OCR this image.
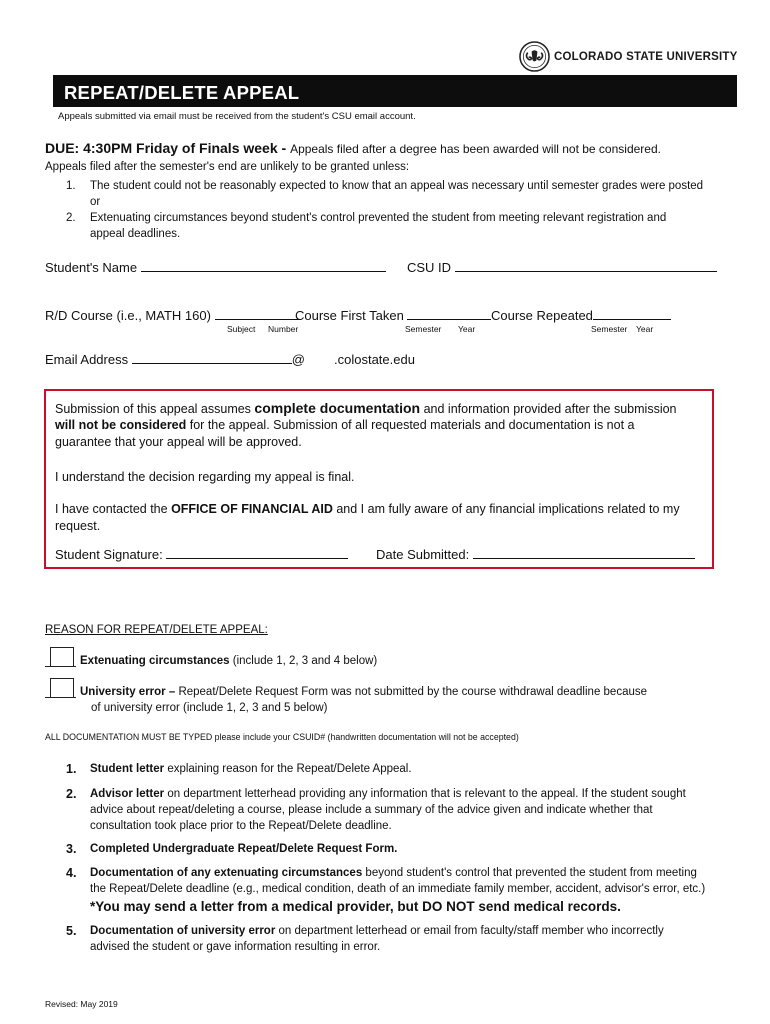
COLORADO STATE UNIVERSITY
REPEAT/DELETE APPEAL
Appeals submitted via email must be received from the student's CSU email account.
DUE: 4:30PM Friday of Finals week - Appeals filed after a degree has been awarded will not be considered.
Appeals filed after the semester's end are unlikely to be granted unless:
1. The student could not be reasonably expected to know that an appeal was necessary until semester grades were posted
or
2. Extenuating circumstances beyond student's control prevented the student from meeting relevant registration and
appeal deadlines.
Student's Name	CSU ID
R/D Course (i.e., MATH 160)	Course First Taken	Course Repeated
Subject Number	Semester Year	Semester Year
Email Address	@ .colostate.edu
Submission of this appeal assumes complete documentation and information provided after the submission
will not be considered for the appeal. Submission of all requested materials and documentation is not a
guarantee that your appeal will be approved.
I understand the decision regarding my appeal is final.
I have contacted the OFFICE OF FINANCIAL AID and I am fully aware of any financial implications related to my
request.
Student Signature:	Date Submitted:
REASON FOR REPEAT/DELETE APPEAL:
Extenuating circumstances (include 1, 2, 3 and 4 below)
University error – Repeat/Delete Request Form was not submitted by the course withdrawal deadline because
of university error (include 1, 2, 3 and 5 below)
ALL DOCUMENTATION MUST BE TYPED please include your CSUID# (handwritten documentation will not be accepted)
1. Student letter explaining reason for the Repeat/Delete Appeal.
2. Advisor letter on department letterhead providing any information that is relevant to the appeal. If the student sought
advice about repeat/deleting a course, please include a summary of the advice given and indicate whether that
consultation took place prior to the Repeat/Delete deadline.
3. Completed Undergraduate Repeat/Delete Request Form.
4. Documentation of any extenuating circumstances beyond student's control that prevented the student from meeting
the Repeat/Delete deadline (e.g., medical condition, death of an immediate family member, accident, advisor's error, etc.)
*You may send a letter from a medical provider, but DO NOT send medical records.
5. Documentation of university error on department letterhead or email from faculty/staff member who incorrectly
advised the student or gave information resulting in error.
Revised: May 2019
